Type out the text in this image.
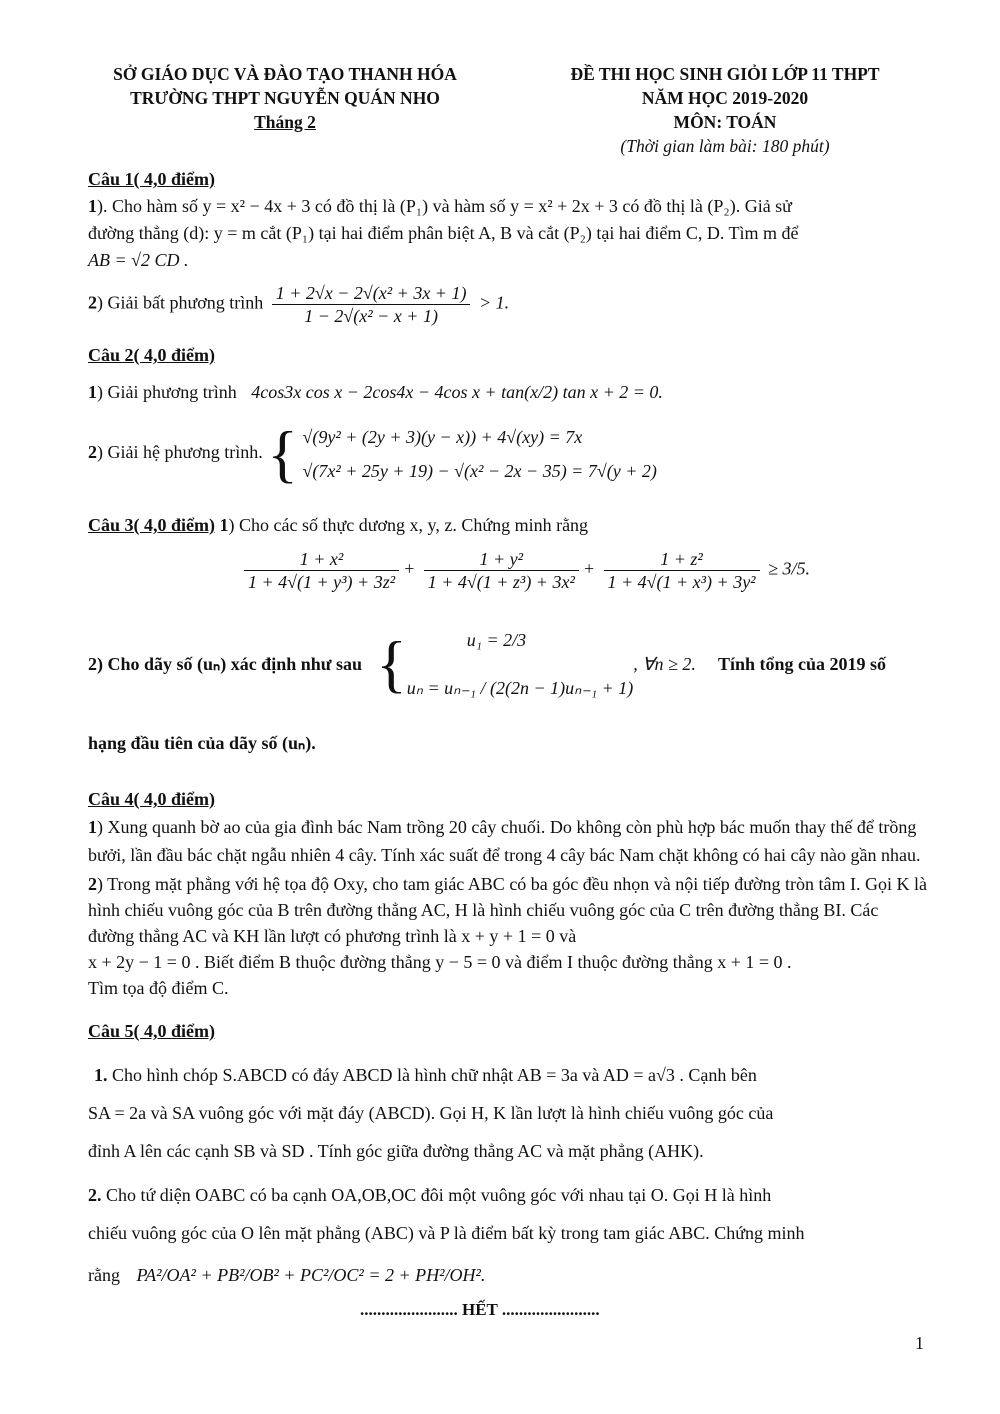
SỞ GIÁO DỤC VÀ ĐÀO TẠO THANH HÓA
TRƯỜNG THPT NGUYỄN QUÁN NHO
Tháng 2
ĐỀ THI HỌC SINH GIỎI LỚP 11 THPT
NĂM HỌC 2019-2020
MÔN: TOÁN
(Thời gian làm bài: 180 phút)
Câu 1( 4,0 điểm)
1). Cho hàm số y = x² − 4x + 3 có đồ thị là (P₁) và hàm số y = x² + 2x + 3 có đồ thị là (P₂). Giả sử
đường thẳng (d): y = m cắt (P₁) tại hai điểm phân biệt A, B và cắt (P₂) tại hai điểm C, D. Tìm m để
AB = √2 CD .
2) Giải bất phương trình $\frac{\text{1 + 2√x − 2√(x² + 3x + 1)}}{\text{1 − 2√(x² − x + 1)}} > 1$.
Câu 2( 4,0 điểm)
1) Giải phương trình 4cos3x cos x − 2cos4x − 4cos x + tan(x/2) tan x + 2 = 0.
2) Giải hệ phương trình. { √(9y² + (2y + 3)(y − x)) + 4√(xy) = 7x
√(7x² + 25y + 19) − √(x² − 2x − 35) = 7√(y + 2)
Câu 3( 4,0 điểm) 1) Cho các số thực dương x, y, z. Chứng minh rằng
$\frac{\text{1 + x²}}{\text{1 + 4√(1 + y³) + 3z²}} + \frac{\text{1 + y²}}{\text{1 + 4√(1 + z³) + 3x²}} + \frac{\text{1 + z²}}{\text{1 + 4√(1 + x³) + 3y²}} \ge 3/5$.
2 ) Cho dãy số (uₙ) xác định như sau {	u₁ = 2/3
uₙ = uₙ₋₁ / (2(2n − 1)uₙ₋₁ + 1)
, ∀n ≥ 2. Tính tổng của 2019 số
hạng đầu tiên của dãy số (uₙ).
Câu 4( 4,0 điểm)
1) Xung quanh bờ ao của gia đình bác Nam trồng 20 cây chuối. Do không còn phù hợp bác muốn thay thế để trồng bưởi, lần đầu bác chặt ngẫu nhiên 4 cây. Tính xác suất để trong 4 cây bác Nam chặt không có hai cây nào gần nhau.
2) Trong mặt phẳng với hệ tọa độ Oxy, cho tam giác ABC có ba góc đều nhọn và nội tiếp đường tròn tâm I. Gọi K là hình chiếu vuông góc của B trên đường thẳng AC, H là hình chiếu vuông góc của C trên đường thẳng BI. Các đường thẳng AC và KH lần lượt có phương trình là x + y + 1 = 0 và
x + 2y − 1 = 0 . Biết điểm B thuộc đường thẳng y − 5 = 0 và điểm I thuộc đường thẳng x + 1 = 0 .
Tìm tọa độ điểm C.
Câu 5( 4,0 điểm)
1. Cho hình chóp S.ABCD có đáy ABCD là hình chữ nhật AB = 3a và AD = a√3 . Cạnh bên
SA = 2a và SA vuông góc với mặt đáy (ABCD). Gọi H, K lần lượt là hình chiếu vuông góc của
đỉnh A lên các cạnh SB và SD . Tính góc giữa đường thẳng AC và mặt phẳng (AHK).
2. Cho tứ diện OABC có ba cạnh OA,OB,OC đôi một vuông góc với nhau tại O. Gọi H là hình
chiếu vuông góc của O lên mặt phẳng (ABC) và P là điểm bất kỳ trong tam giác ABC. Chứng minh
rằng PA²/OA² + PB²/OB² + PC²/OC² = 2 + PH²/OH².
....................... HẾT .......................
1
